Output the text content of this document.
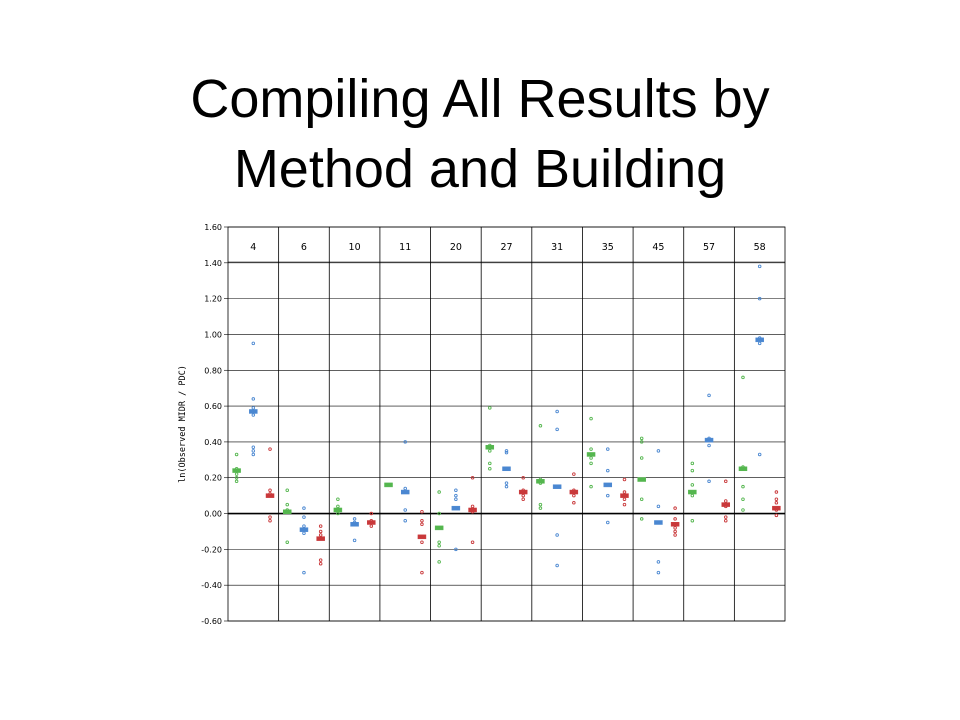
Compiling All Results by
Method and Building
1.60
1.40
1.20
1.00
0.80
0.60
0.40
0.20
0.00
-0.20
-0.40
-0.60
ln(Observed MIDR / PDC)
4	6	10	11	20	27	31	35	45	57	58
